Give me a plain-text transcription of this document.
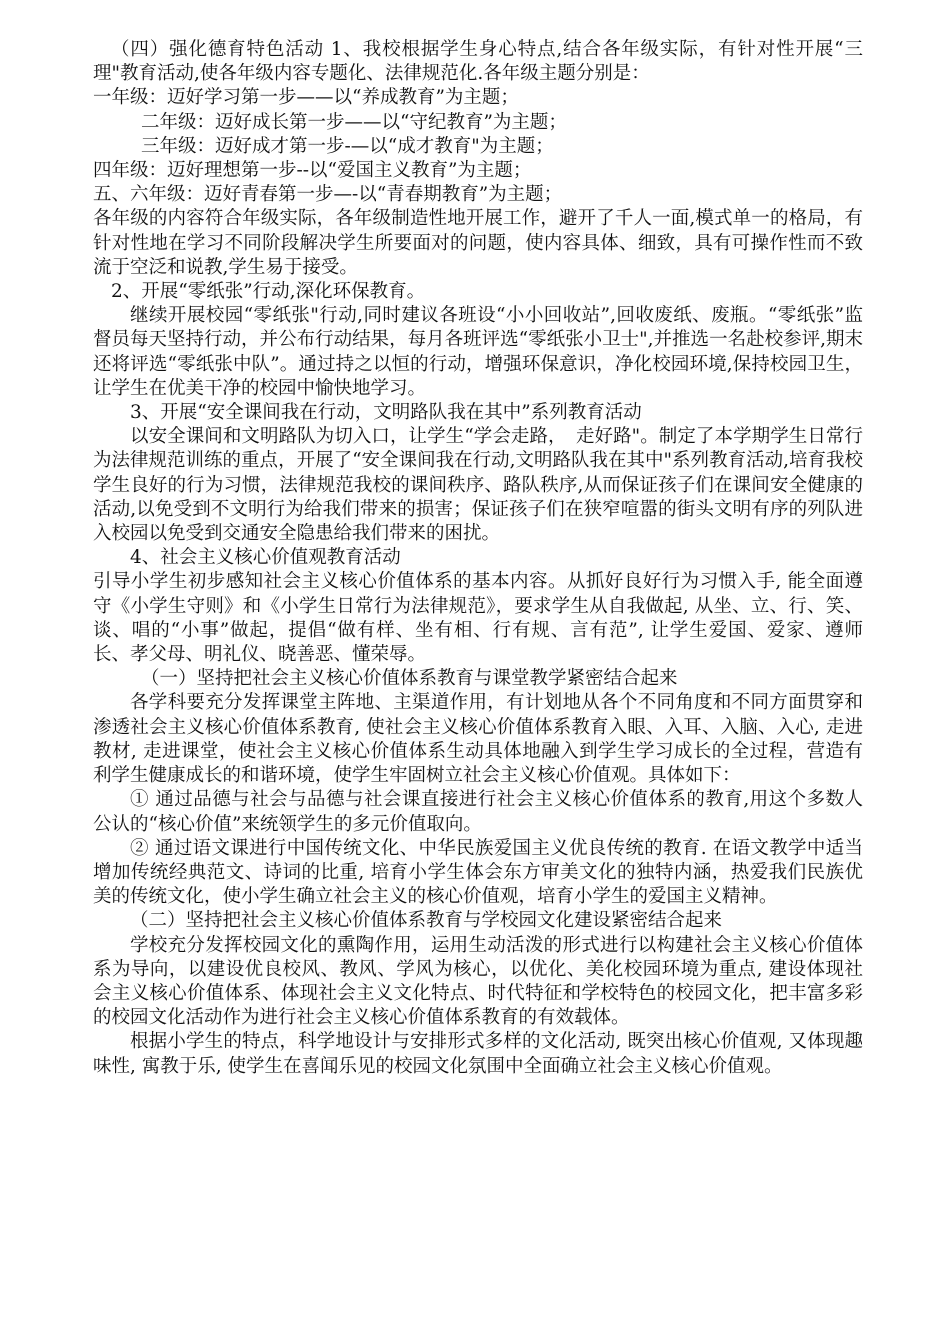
（四）强化德育特色活动 1、我校根据学生身心特点,结合各年级实际，有针对性开展“三理"教育活动,使各年级内容专题化、法律规范化.各年级主题分别是：

一年级：迈好学习第一步——以“养成教育”为主题；

二年级：迈好成长第一步——以“守纪教育”为主题；

三年级：迈好成才第一步-—以“成才教育"为主题；

四年级：迈好理想第一步--以“爱国主义教育”为主题；

五、六年级：迈好青春第一步—-以“青春期教育”为主题；

各年级的内容符合年级实际，各年级制造性地开展工作，避开了千人一面,模式单一的格局，有针对性地在学习不同阶段解决学生所要面对的问题，使内容具体、细致，具有可操作性而不致流于空泛和说教,学生易于接受。

2、开展“零纸张”行动,深化环保教育。

继续开展校园“零纸张"行动,同时建议各班设“小小回收站”,回收废纸、废瓶。“零纸张”监督员每天坚持行动，并公布行动结果，每月各班评选“零纸张小卫士",并推选一名赴校参评,期末还将评选“零纸张中队”。通过持之以恒的行动，增强环保意识，净化校园环境,保持校园卫生，让学生在优美干净的校园中愉快地学习。

3、开展“安全课间我在行动，文明路队我在其中”系列教育活动

以安全课间和文明路队为切入口，让学生“学会走路，　走好路"。制定了本学期学生日常行为法律规范训练的重点，开展了“安全课间我在行动,文明路队我在其中"系列教育活动,培育我校学生良好的行为习惯，法律规范我校的课间秩序、路队秩序,从而保证孩子们在课间安全健康的活动,以免受到不文明行为给我们带来的损害；保证孩子们在狭窄喧嚣的街头文明有序的列队进入校园以免受到交通安全隐患给我们带来的困扰。

4、社会主义核心价值观教育活动

引导小学生初步感知社会主义核心价值体系的基本内容。从抓好良好行为习惯入手, 能全面遵守《小学生守则》和《小学生日常行为法律规范》，要求学生从自我做起, 从坐、立、行、笑、谈、唱的“小事”做起，提倡“做有样、坐有相、行有规、言有范”, 让学生爱国、爱家、遵师长、孝父母、明礼仪、晓善恶、懂荣辱。

（一）坚持把社会主义核心价值体系教育与课堂教学紧密结合起来

各学科要充分发挥课堂主阵地、主渠道作用，有计划地从各个不同角度和不同方面贯穿和渗透社会主义核心价值体系教育, 使社会主义核心价值体系教育入眼、入耳、入脑、入心, 走进教材, 走进课堂，使社会主义核心价值体系生动具体地融入到学生学习成长的全过程，营造有利学生健康成长的和谐环境，使学生牢固树立社会主义核心价值观。具体如下：

① 通过品德与社会与品德与社会课直接进行社会主义核心价值体系的教育,用这个多数人公认的“核心价值”来统领学生的多元价值取向。

② 通过语文课进行中国传统文化、中华民族爱国主义优良传统的教育. 在语文教学中适当增加传统经典范文、诗词的比重, 培育小学生体会东方审美文化的独特内涵，热爱我们民族优美的传统文化，使小学生确立社会主义的核心价值观，培育小学生的爱国主义精神。

（二）坚持把社会主义核心价值体系教育与学校园文化建设紧密结合起来

学校充分发挥校园文化的熏陶作用，运用生动活泼的形式进行以构建社会主义核心价值体系为导向，以建设优良校风、教风、学风为核心，以优化、美化校园环境为重点, 建设体现社会主义核心价值体系、体现社会主义文化特点、时代特征和学校特色的校园文化，把丰富多彩的校园文化活动作为进行社会主义核心价值体系教育的有效载体。

根据小学生的特点，科学地设计与安排形式多样的文化活动, 既突出核心价值观, 又体现趣味性, 寓教于乐, 使学生在喜闻乐见的校园文化氛围中全面确立社会主义核心价值观。
